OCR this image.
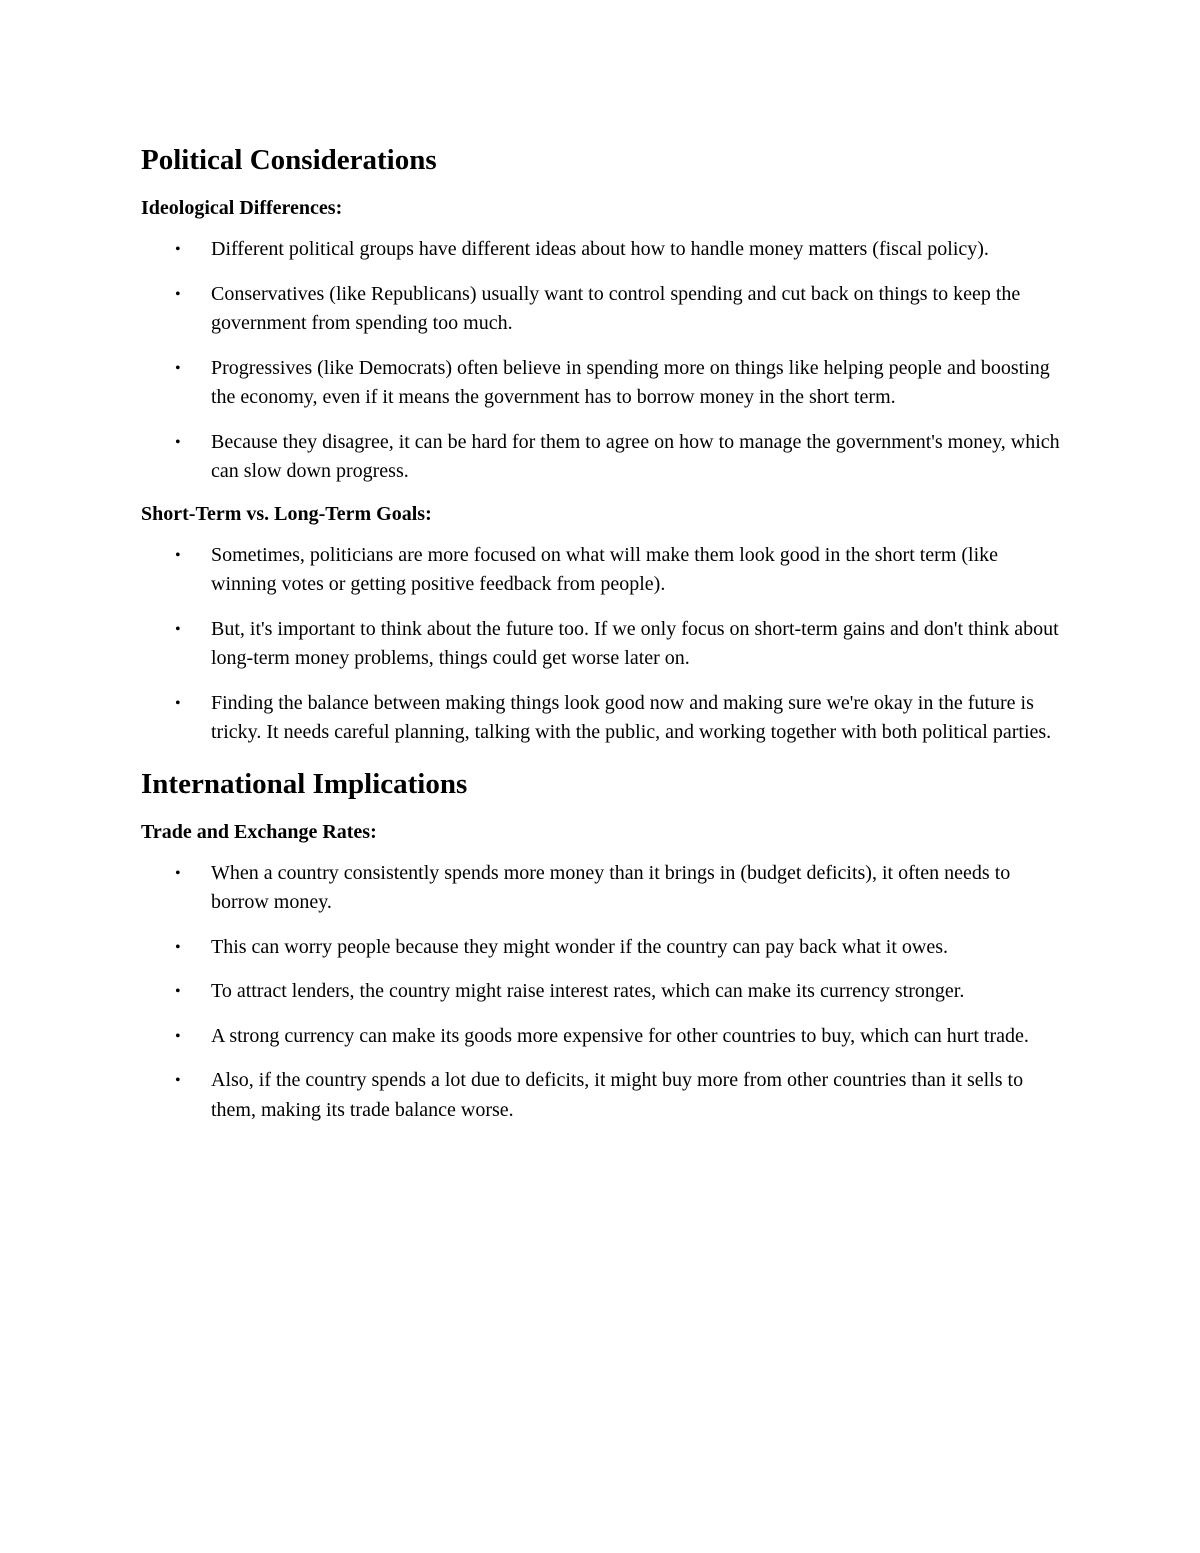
Political Considerations
Ideological Differences:
• Different political groups have different ideas about how to handle money matters (fiscal policy).
• Conservatives (like Republicans) usually want to control spending and cut back on things to keep the government from spending too much.
• Progressives (like Democrats) often believe in spending more on things like helping people and boosting the economy, even if it means the government has to borrow money in the short term.
• Because they disagree, it can be hard for them to agree on how to manage the government's money, which can slow down progress.
Short-Term vs. Long-Term Goals:
• Sometimes, politicians are more focused on what will make them look good in the short term (like winning votes or getting positive feedback from people).
• But, it's important to think about the future too. If we only focus on short-term gains and don't think about long-term money problems, things could get worse later on.
• Finding the balance between making things look good now and making sure we're okay in the future is tricky. It needs careful planning, talking with the public, and working together with both political parties.
International Implications
Trade and Exchange Rates:
• When a country consistently spends more money than it brings in (budget deficits), it often needs to borrow money.
• This can worry people because they might wonder if the country can pay back what it owes.
• To attract lenders, the country might raise interest rates, which can make its currency stronger.
• A strong currency can make its goods more expensive for other countries to buy, which can hurt trade.
• Also, if the country spends a lot due to deficits, it might buy more from other countries than it sells to them, making its trade balance worse.
